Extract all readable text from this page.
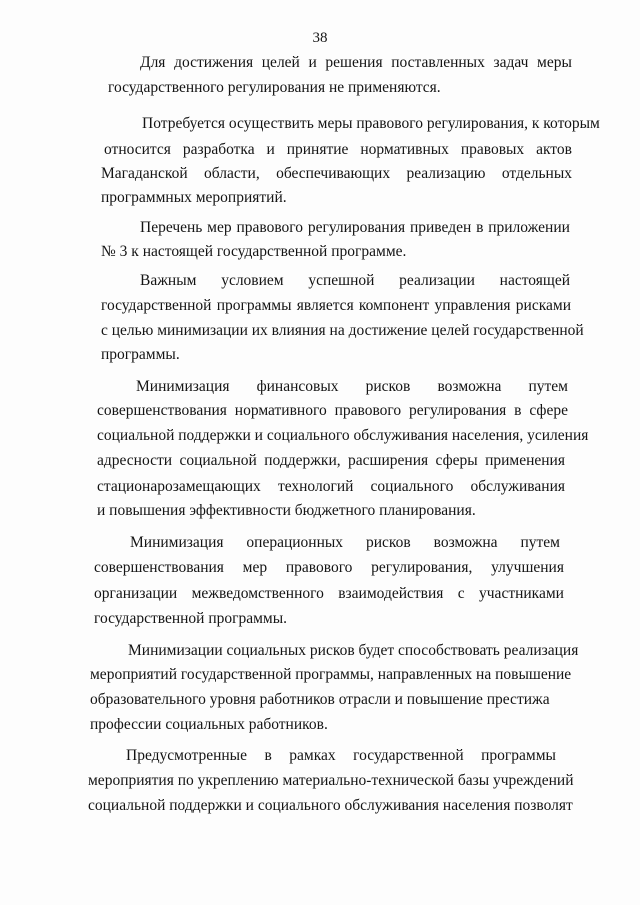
38
Для достижения целей и решения поставленных задач меры
государственного регулирования не применяются.
Потребуется осуществить меры правового регулирования, к которым
относится разработка и принятие нормативных правовых актов
Магаданской области, обеспечивающих реализацию отдельных
программных мероприятий.
Перечень мер правового регулирования приведен в приложении
№ 3 к настоящей государственной программе.
Важным условием успешной реализации настоящей
государственной программы является компонент управления рисками
с целью минимизации их влияния на достижение целей государственной
программы.
Минимизация финансовых рисков возможна путем
совершенствования нормативного правового регулирования в сфере
социальной поддержки и социального обслуживания населения, усиления
адресности социальной поддержки, расширения сферы применения
стационарозамещающих технологий социального обслуживания
и повышения эффективности бюджетного планирования.
Минимизация операционных рисков возможна путем
совершенствования мер правового регулирования, улучшения
организации межведомственного взаимодействия с участниками
государственной программы.
Минимизации социальных рисков будет способствовать реализация
мероприятий государственной программы, направленных на повышение
образовательного уровня работников отрасли и повышение престижа
профессии социальных работников.
Предусмотренные в рамках государственной программы
мероприятия по укреплению материально-технической базы учреждений
социальной поддержки и социального обслуживания населения позволят
